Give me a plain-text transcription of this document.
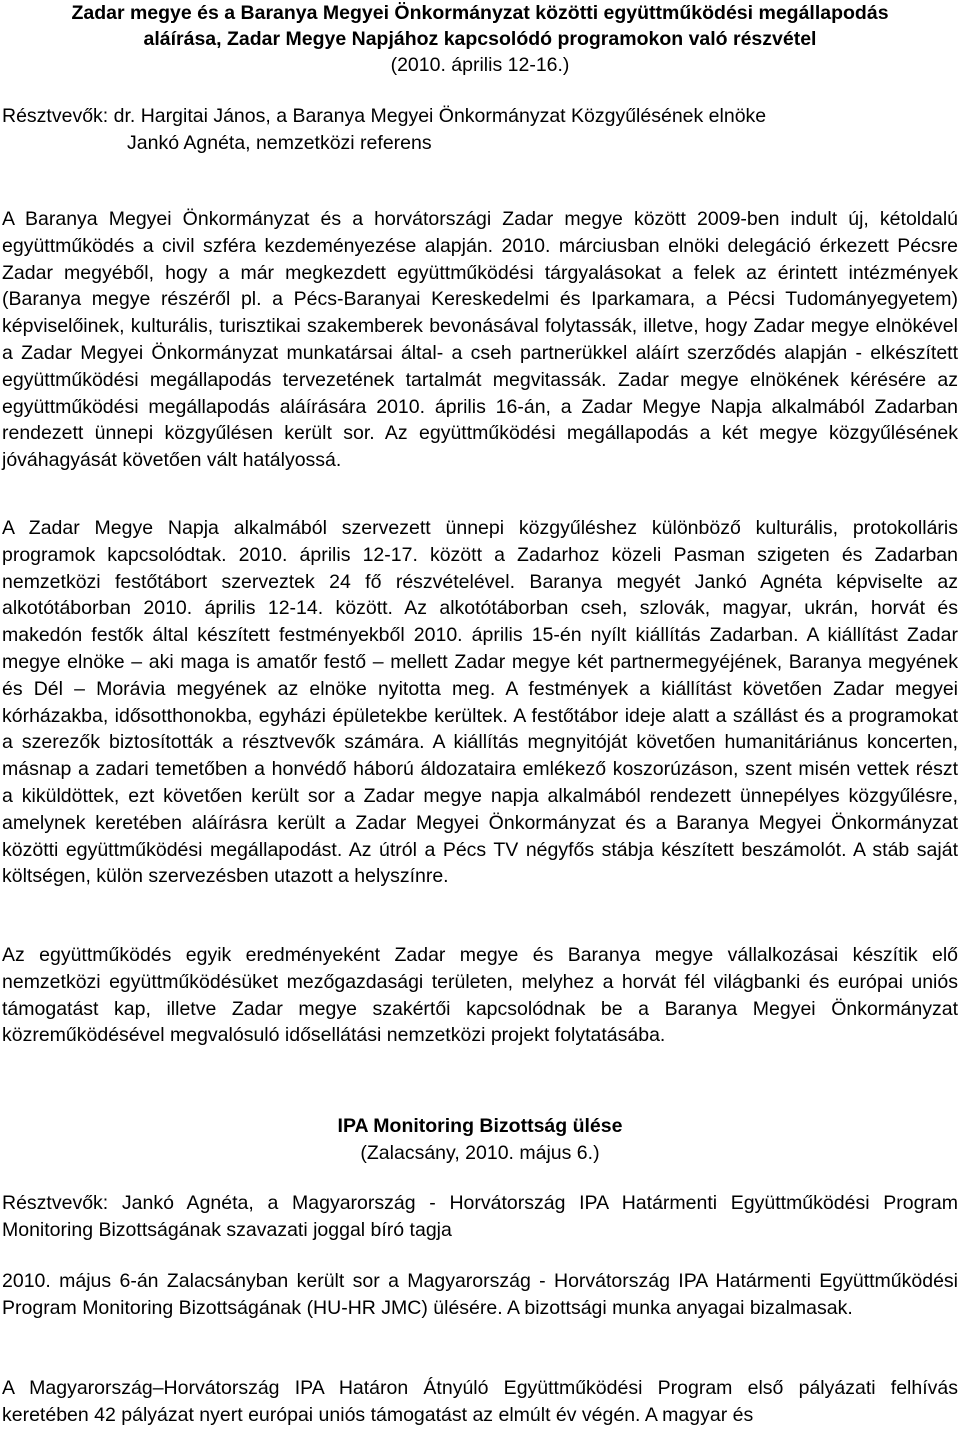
Zadar megye és a Baranya Megyei Önkormányzat közötti együttműködési megállapodás
aláírása, Zadar Megye Napjához kapcsolódó programokon való részvétel
(2010. április 12-16.)

Résztvevők: dr. Hargitai János, a Baranya Megyei Önkormányzat Közgyűlésének elnöke

Jankó Agnéta, nemzetközi referens

A Baranya Megyei Önkormányzat és a horvátországi Zadar megye között 2009-ben indult új, kétoldalú együttműködés a civil szféra kezdeményezése alapján. 2010. márciusban elnöki delegáció érkezett Pécsre Zadar megyéből, hogy a már megkezdett együttműködési tárgyalásokat a felek az érintett intézmények (Baranya megye részéről pl. a Pécs-Baranyai Kereskedelmi és Iparkamara, a Pécsi Tudományegyetem) képviselőinek, kulturális, turisztikai szakemberek bevonásával folytassák, illetve, hogy Zadar megye elnökével a Zadar Megyei Önkormányzat munkatársai által- a cseh partnerükkel aláírt szerződés alapján - elkészített együttműködési megállapodás tervezetének tartalmát megvitassák. Zadar megye elnökének kérésére az együttműködési megállapodás aláírására 2010. április 16-án, a Zadar Megye Napja alkalmából Zadarban rendezett ünnepi közgyűlésen került sor. Az együttműködési megállapodás a két megye közgyűlésének jóváhagyását követően vált hatályossá.

A Zadar Megye Napja alkalmából szervezett ünnepi közgyűléshez különböző kulturális, protokolláris programok kapcsolódtak. 2010. április 12-17. között a Zadarhoz közeli Pasman szigeten és Zadarban nemzetközi festőtábort szerveztek 24 fő részvételével. Baranya megyét Jankó Agnéta képviselte az alkotótáborban 2010. április 12-14. között. Az alkotótáborban cseh, szlovák, magyar, ukrán, horvát és makedón festők által készített festményekből 2010. április 15-én nyílt kiállítás Zadarban. A kiállítást Zadar megye elnöke – aki maga is amatőr festő – mellett Zadar megye két partnermegyéjének, Baranya megyének és Dél – Morávia megyének az elnöke nyitotta meg. A festmények a kiállítást követően Zadar megyei kórházakba, idősotthonokba, egyházi épületekbe kerültek. A festőtábor ideje alatt a szállást és a programokat a szerezők biztosították a résztvevők számára. A kiállítás megnyitóját követően humanitáriánus koncerten, másnap a zadari temetőben a honvédő háború áldozataira emlékező koszorúzáson, szent misén vettek részt a kiküldöttek, ezt követően került sor a Zadar megye napja alkalmából rendezett ünnepélyes közgyűlésre, amelynek keretében aláírásra került a Zadar Megyei Önkormányzat és a Baranya Megyei Önkormányzat közötti együttműködési megállapodást. Az útról a Pécs TV négyfős stábja készített beszámolót. A stáb saját költségen, külön szervezésben utazott a helyszínre.

Az együttműködés egyik eredményeként Zadar megye és Baranya megye vállalkozásai készítik elő nemzetközi együttműködésüket mezőgazdasági területen, melyhez a horvát fél világbanki és európai uniós támogatást kap, illetve Zadar megye szakértői kapcsolódnak be a Baranya Megyei Önkormányzat közreműködésével megvalósuló idősellátási nemzetközi projekt folytatásába.

IPA Monitoring Bizottság ülése
(Zalacsány, 2010. május 6.)

Résztvevők: Jankó Agnéta, a Magyarország - Horvátország IPA Határmenti Együttműködési Program Monitoring Bizottságának szavazati joggal bíró tagja

2010. május 6-án Zalacsányban került sor a Magyarország - Horvátország IPA Határmenti Együttműködési Program Monitoring Bizottságának (HU-HR JMC) ülésére. A bizottsági munka anyagai bizalmasak.

A Magyarország–Horvátország IPA Határon Átnyúló Együttműködési Program első pályázati felhívás keretében 42 pályázat nyert európai uniós támogatást az elmúlt év végén. A magyar és
